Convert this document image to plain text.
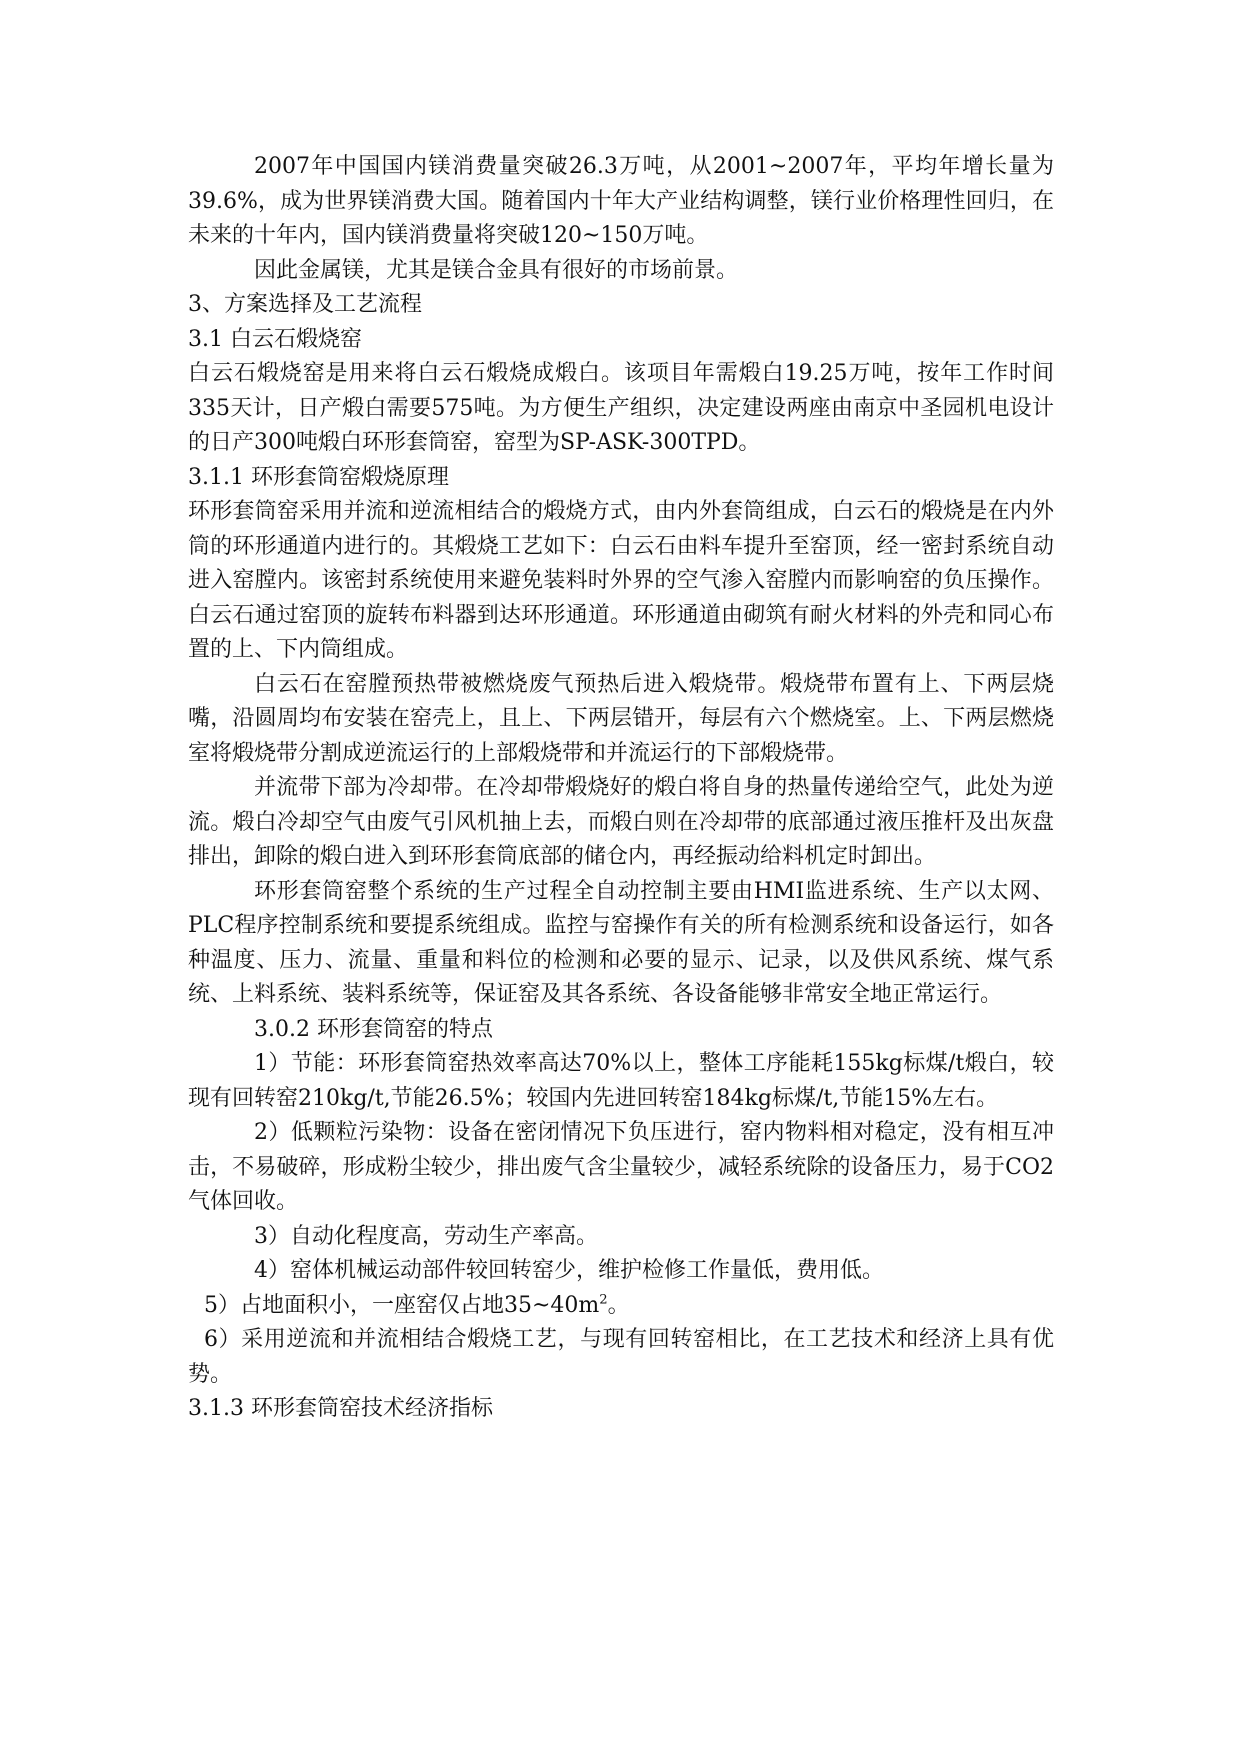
2007年中国国内镁消费量突破26.3万吨，从2001~2007年，平均年增长量为39.6%，成为世界镁消费大国。随着国内十年大产业结构调整，镁行业价格理性回归，在未来的十年内，国内镁消费量将突破120~150万吨。

因此金属镁，尤其是镁合金具有很好的市场前景。

3、方案选择及工艺流程

3.1 白云石煅烧窑

白云石煅烧窑是用来将白云石煅烧成煅白。该项目年需煅白19.25万吨，按年工作时间335天计，日产煅白需要575吨。为方便生产组织，决定建设两座由南京中圣园机电设计的日产300吨煅白环形套筒窑，窑型为SP-ASK-300TPD。

3.1.1 环形套筒窑煅烧原理

环形套筒窑采用并流和逆流相结合的煅烧方式，由内外套筒组成，白云石的煅烧是在内外筒的环形通道内进行的。其煅烧工艺如下：白云石由料车提升至窑顶，经一密封系统自动进入窑膛内。该密封系统使用来避免装料时外界的空气渗入窑膛内而影响窑的负压操作。白云石通过窑顶的旋转布料器到达环形通道。环形通道由砌筑有耐火材料的外壳和同心布置的上、下内筒组成。

白云石在窑膛预热带被燃烧废气预热后进入煅烧带。煅烧带布置有上、下两层烧嘴，沿圆周均布安装在窑壳上，且上、下两层错开，每层有六个燃烧室。上、下两层燃烧室将煅烧带分割成逆流运行的上部煅烧带和并流运行的下部煅烧带。

并流带下部为冷却带。在冷却带煅烧好的煅白将自身的热量传递给空气，此处为逆流。煅白冷却空气由废气引风机抽上去，而煅白则在冷却带的底部通过液压推杆及出灰盘排出，卸除的煅白进入到环形套筒底部的储仓内，再经振动给料机定时卸出。

环形套筒窑整个系统的生产过程全自动控制主要由HMI监进系统、生产以太网、PLC程序控制系统和要提系统组成。监控与窑操作有关的所有检测系统和设备运行，如各种温度、压力、流量、重量和料位的检测和必要的显示、记录，以及供风系统、煤气系统、上料系统、装料系统等，保证窑及其各系统、各设备能够非常安全地正常运行。

3.0.2 环形套筒窑的特点

1）节能：环形套筒窑热效率高达70%以上，整体工序能耗155kg标煤/t煅白，较现有回转窑210kg/t,节能26.5%；较国内先进回转窑184kg标煤/t,节能15%左右。

2）低颗粒污染物：设备在密闭情况下负压进行，窑内物料相对稳定，没有相互冲击，不易破碎，形成粉尘较少，排出废气含尘量较少，减轻系统除的设备压力，易于CO2气体回收。

3）自动化程度高，劳动生产率高。

4）窑体机械运动部件较回转窑少，维护检修工作量低，费用低。

5）占地面积小，一座窑仅占地$35\sim 40m^2$。

6）采用逆流和并流相结合煅烧工艺，与现有回转窑相比，在工艺技术和经济上具有优势。

3.1.3 环形套筒窑技术经济指标
